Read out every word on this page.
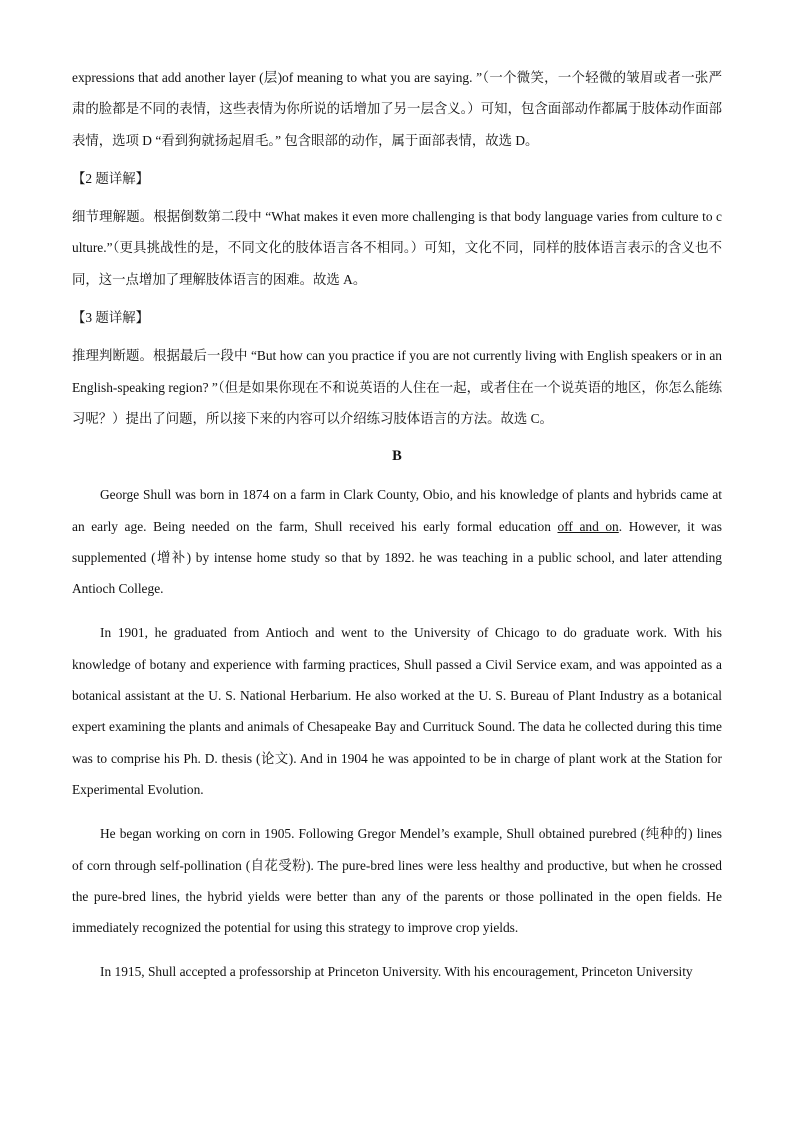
expressions that add another layer (层)of meaning to what you are saying. ”（一个微笑，一个轻微的皱眉或者一张严肃的脸都是不同的表情，这些表情为你所说的话增加了另一层含义。）可知，包含面部动作都属于肢体动作面部表情，选项 D “看到狗就扬起眉毛。” 包含眼部的动作，属于面部表情，故选 D。

【2 题详解】

细节理解题。根据倒数第二段中 “What makes it even more challenging is that body language varies from culture to culture.”（更具挑战性的是，不同文化的肢体语言各不相同。）可知，文化不同，同样的肢体语言表示的含义也不同，这一点增加了理解肢体语言的困难。故选 A。

【3 题详解】

推理判断题。根据最后一段中 “But how can you practice if you are not currently living with English speakers or in an English-speaking region? ”（但是如果你现在不和说英语的人住在一起，或者住在一个说英语的地区，你怎么能练习呢？）提出了问题，所以接下来的内容可以介绍练习肢体语言的方法。故选 C。

B

George Shull was born in 1874 on a farm in Clark County, Obio, and his knowledge of plants and hybrids came at an early age. Being needed on the farm, Shull received his early formal education off and on. However, it was supplemented (增补) by intense home study so that by 1892. he was teaching in a public school, and later attending Antioch College.

In 1901, he graduated from Antioch and went to the University of Chicago to do graduate work. With his knowledge of botany and experience with farming practices, Shull passed a Civil Service exam, and was appointed as a botanical assistant at the U. S. National Herbarium. He also worked at the U. S. Bureau of Plant Industry as a botanical expert examining the plants and animals of Chesapeake Bay and Currituck Sound. The data he collected during this time was to comprise his Ph. D. thesis (论文). And in 1904 he was appointed to be in charge of plant work at the Station for Experimental Evolution.

He began working on corn in 1905. Following Gregor Mendel’s example, Shull obtained purebred (纯种的) lines of corn through self-pollination (自花受粉). The pure-bred lines were less healthy and productive, but when he crossed the pure-bred lines, the hybrid yields were better than any of the parents or those pollinated in the open fields. He immediately recognized the potential for using this strategy to improve crop yields.

In 1915, Shull accepted a professorship at Princeton University. With his encouragement, Princeton University
